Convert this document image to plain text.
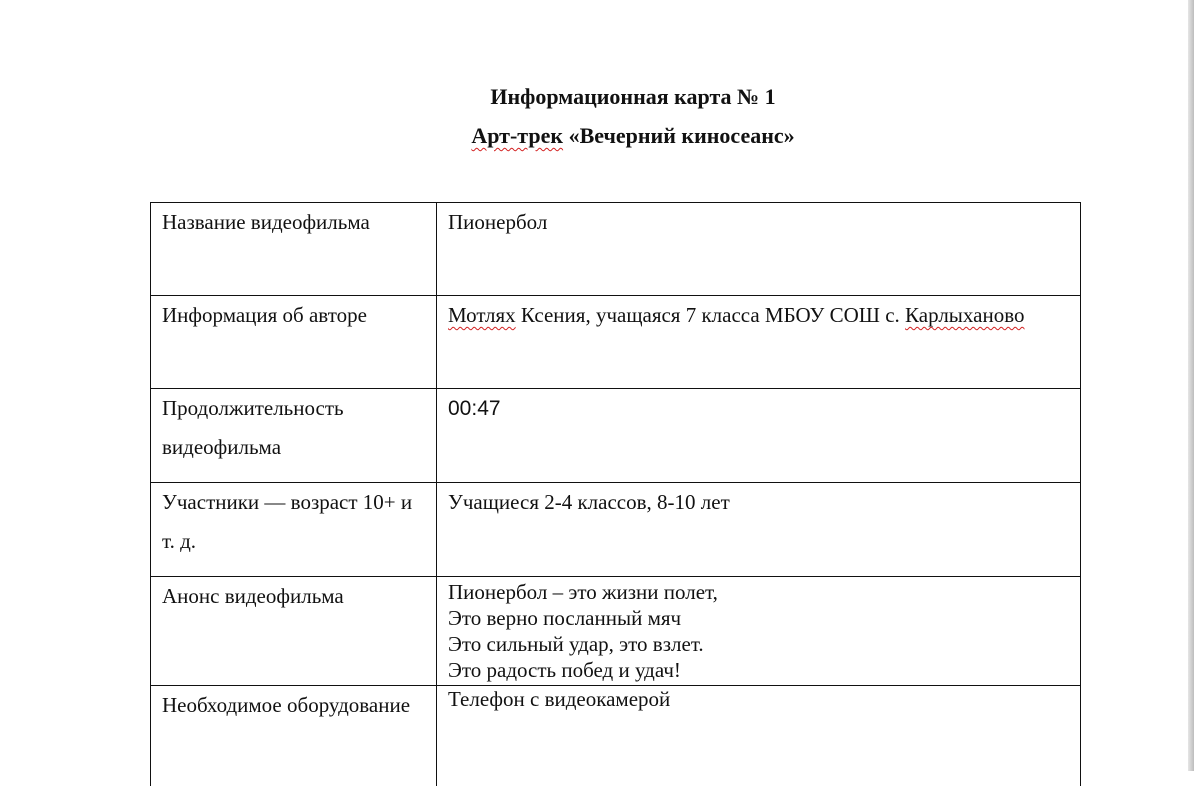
Информационная карта № 1
Арт-трек «Вечерний киносеанс»
Название видеофильма	Пионербол
Информация об автоpе	Мотлях Ксения, учащаяся 7 класса МБОУ СОШ с. Карлыханово
Продолжительность видеофильма	00:47
Участники — возраст 10+ и т. д.	Учащиеся 2-4 классов, 8-10 лет
Анонс видеофильма	Пионербол – это жизни полет,
Это верно посланный мяч
Это сильный удар, это взлет.
Это радость побед и удач!

Необходимое оборудование	Телефон с видеокамерой
